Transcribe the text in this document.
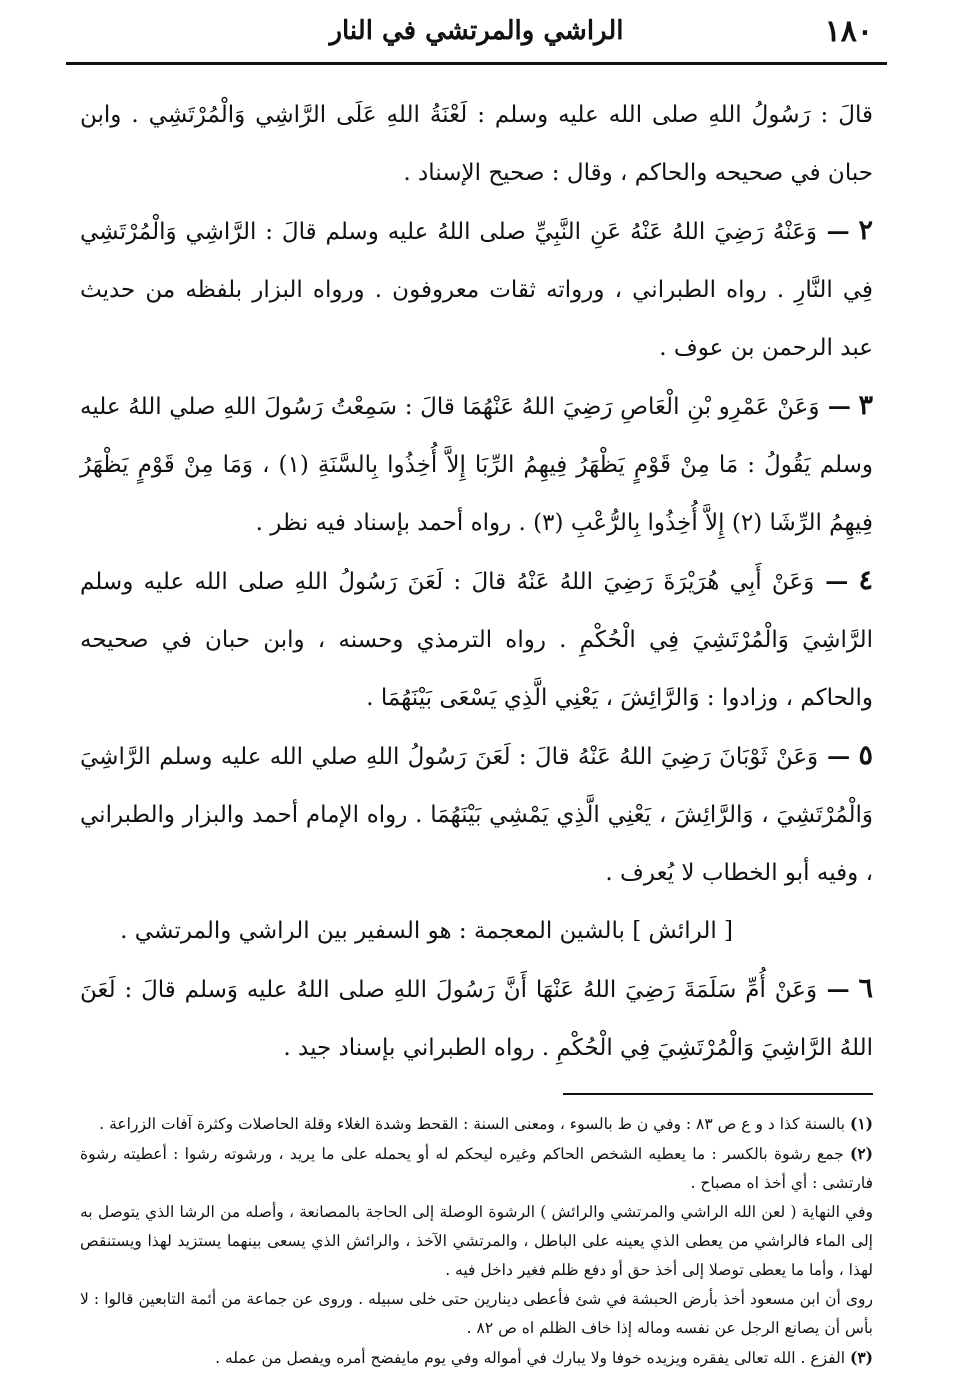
١٨٠
الراشي والمرتشي في النار

قالَ : رَسُولُ اللهِ صلى الله عليه وسلم : لَعْنَةُ اللهِ عَلَى الرَّاشِي وَالْمُرْتَشِي . وابن حبان في صحيحه والحاكم ، وقال : صحيح الإسناد .

٢ — وَعَنْهُ رَضِيَ اللهُ عَنْهُ عَنِ النَّبِيِّ صلى اللهُ عليه وسلم قالَ : الرَّاشِي وَالْمُرْتَشِي فِي النَّارِ . رواه الطبراني ، ورواته ثقات معروفون . ورواه البزار بلفظه من حديث عبد الرحمن بن عوف .

٣ — وَعَنْ عَمْرِو بْنِ الْعَاصِ رَضِيَ اللهُ عَنْهُمَا قالَ : سَمِعْتُ رَسُولَ اللهِ صلي اللهُ عليه وسلم يَقُولُ : مَا مِنْ قَوْمٍ يَظْهَرُ فِيهِمُ الرِّبَا إِلاَّ أُخِذُوا بِالسَّنَةِ (١) ، وَمَا مِنْ قَوْمٍ يَظْهَرُ فِيهِمُ الرِّشَا (٢) إِلاَّ أُخِذُوا بِالرُّعْبِ (٣) . رواه أحمد بإسناد فيه نظر .

٤ — وَعَنْ أَبِي هُرَيْرَةَ رَضِيَ اللهُ عَنْهُ قالَ : لَعَنَ رَسُولُ اللهِ صلى الله عليه وسلم الرَّاشِيَ وَالْمُرْتَشِيَ فِي الْحُكْمِ . رواه الترمذي وحسنه ، وابن حبان في صحيحه والحاكم ، وزادوا : وَالرَّائِشَ ، يَعْنِي الَّذِي يَسْعَى بَيْنَهُمَا .

٥ — وَعَنْ ثَوْبَانَ رَضِيَ اللهُ عَنْهُ قالَ : لَعَنَ رَسُولُ اللهِ صلي الله عليه وسلم الرَّاشِيَ وَالْمُرْتَشِيَ ، وَالرَّائِشَ ، يَعْنِي الَّذِي يَمْشِي بَيْنَهُمَا . رواه الإمام أحمد والبزار والطبراني ، وفيه أبو الخطاب لا يُعرف .

[ الرائش ] بالشين المعجمة : هو السفير بين الراشي والمرتشي .

٦ — وَعَنْ أُمِّ سَلَمَةَ رَضِيَ اللهُ عَنْهَا أَنَّ رَسُولَ اللهِ صلى اللهُ عليه وَسلم قالَ : لَعَنَ اللهُ الرَّاشِيَ وَالْمُرْتَشِيَ فِي الْحُكْمِ . رواه الطبراني بإسناد جيد .

(١) بالسنة كذا د و ع ص ٨٣ : وفي ن ط بالسوء ، ومعنى السنة : القحط وشدة الغلاء وقلة الحاصلات وكثرة آفات الزراعة .

(٢) جمع رشوة بالكسر : ما يعطيه الشخص الحاكم وغيره ليحكم له أو يحمله على ما يريد ، ورشوته رشوا : أعطيته رشوة فارتشى : أي أخذ اه مصباح .

وفي النهاية ( لعن الله الراشي والمرتشي والرائش ) الرشوة الوصلة إلى الحاجة بالمصانعة ، وأصله من الرشا الذي يتوصل به إلى الماء فالراشي من يعطى الذي يعينه على الباطل ، والمرتشي الآخذ ، والرائش الذي يسعى بينهما يستزيد لهذا ويستنقص لهذا ، وأما ما يعطى توصلا إلى أخذ حق أو دفع ظلم فغير داخل فيه .

روى أن ابن مسعود أخذ بأرض الحبشة في شئ فأعطى دينارين حتى خلى سبيله . وروى عن جماعة من أئمة التابعين قالوا : لا بأس أن يصانع الرجل عن نفسه وماله إذا خاف الظلم اه ص ٨٢ .

(٣) الفزع . الله تعالى يفقره ويزيده خوفا ولا يبارك في أمواله وفي يوم مايفضح أمره ويفصل من عمله .
